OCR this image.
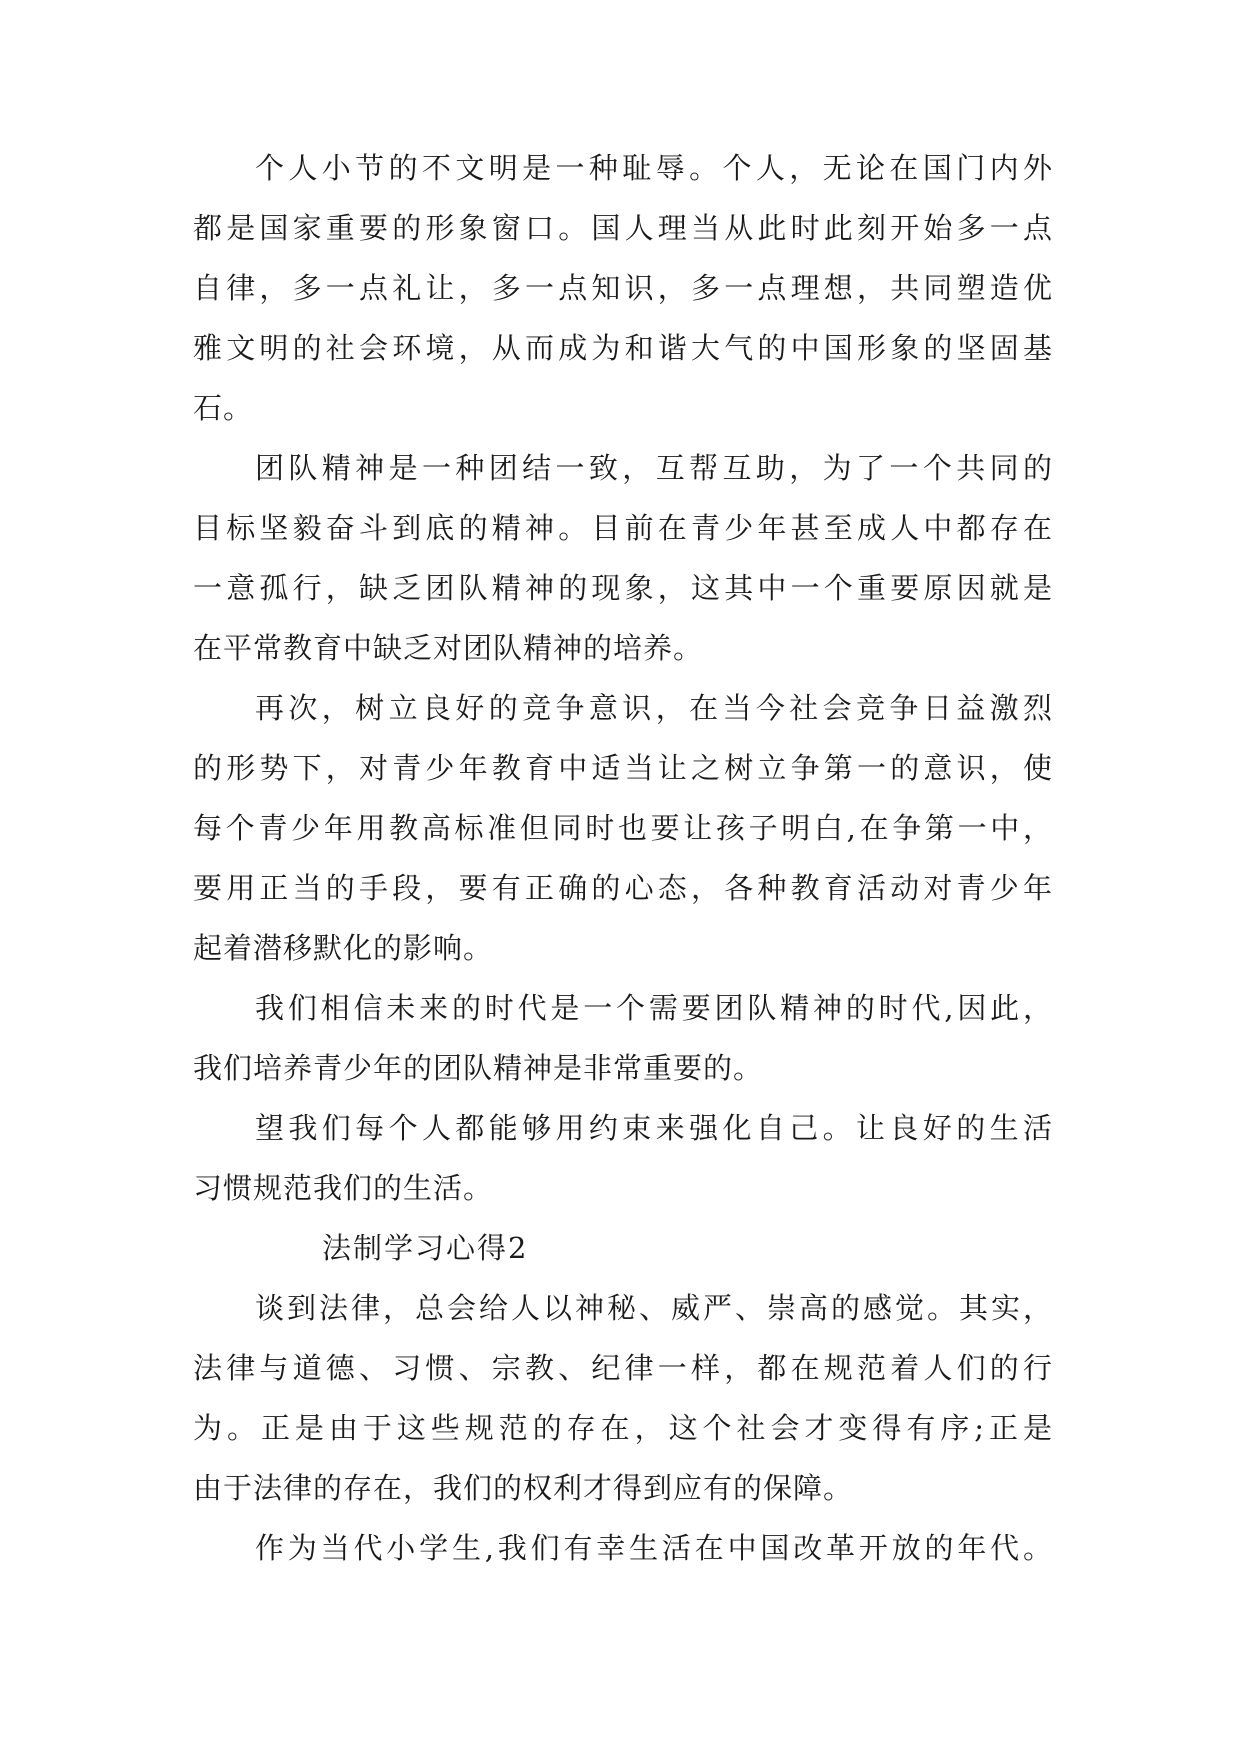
个人小节的不文明是一种耻辱。个人，无论在国门内外
都是国家重要的形象窗口。国人理当从此时此刻开始多一点
自律，多一点礼让，多一点知识，多一点理想，共同塑造优
雅文明的社会环境，从而成为和谐大气的中国形象的坚固基
石。
团队精神是一种团结一致，互帮互助，为了一个共同的
目标坚毅奋斗到底的精神。目前在青少年甚至成人中都存在
一意孤行，缺乏团队精神的现象，这其中一个重要原因就是
在平常教育中缺乏对团队精神的培养。
再次，树立良好的竞争意识，在当今社会竞争日益激烈
的形势下，对青少年教育中适当让之树立争第一的意识，使
每个青少年用教高标准但同时也要让孩子明白,在争第一中，
要用正当的手段，要有正确的心态，各种教育活动对青少年
起着潜移默化的影响。
我们相信未来的时代是一个需要团队精神的时代,因此，
我们培养青少年的团队精神是非常重要的。
望我们每个人都能够用约束来强化自己。让良好的生活
习惯规范我们的生活。
法制学习心得2
谈到法律，总会给人以神秘、威严、崇高的感觉。其实，
法律与道德、习惯、宗教、纪律一样，都在规范着人们的行
为。正是由于这些规范的存在，这个社会才变得有序;正是
由于法律的存在，我们的权利才得到应有的保障。
作为当代小学生,我们有幸生活在中国改革开放的年代。
